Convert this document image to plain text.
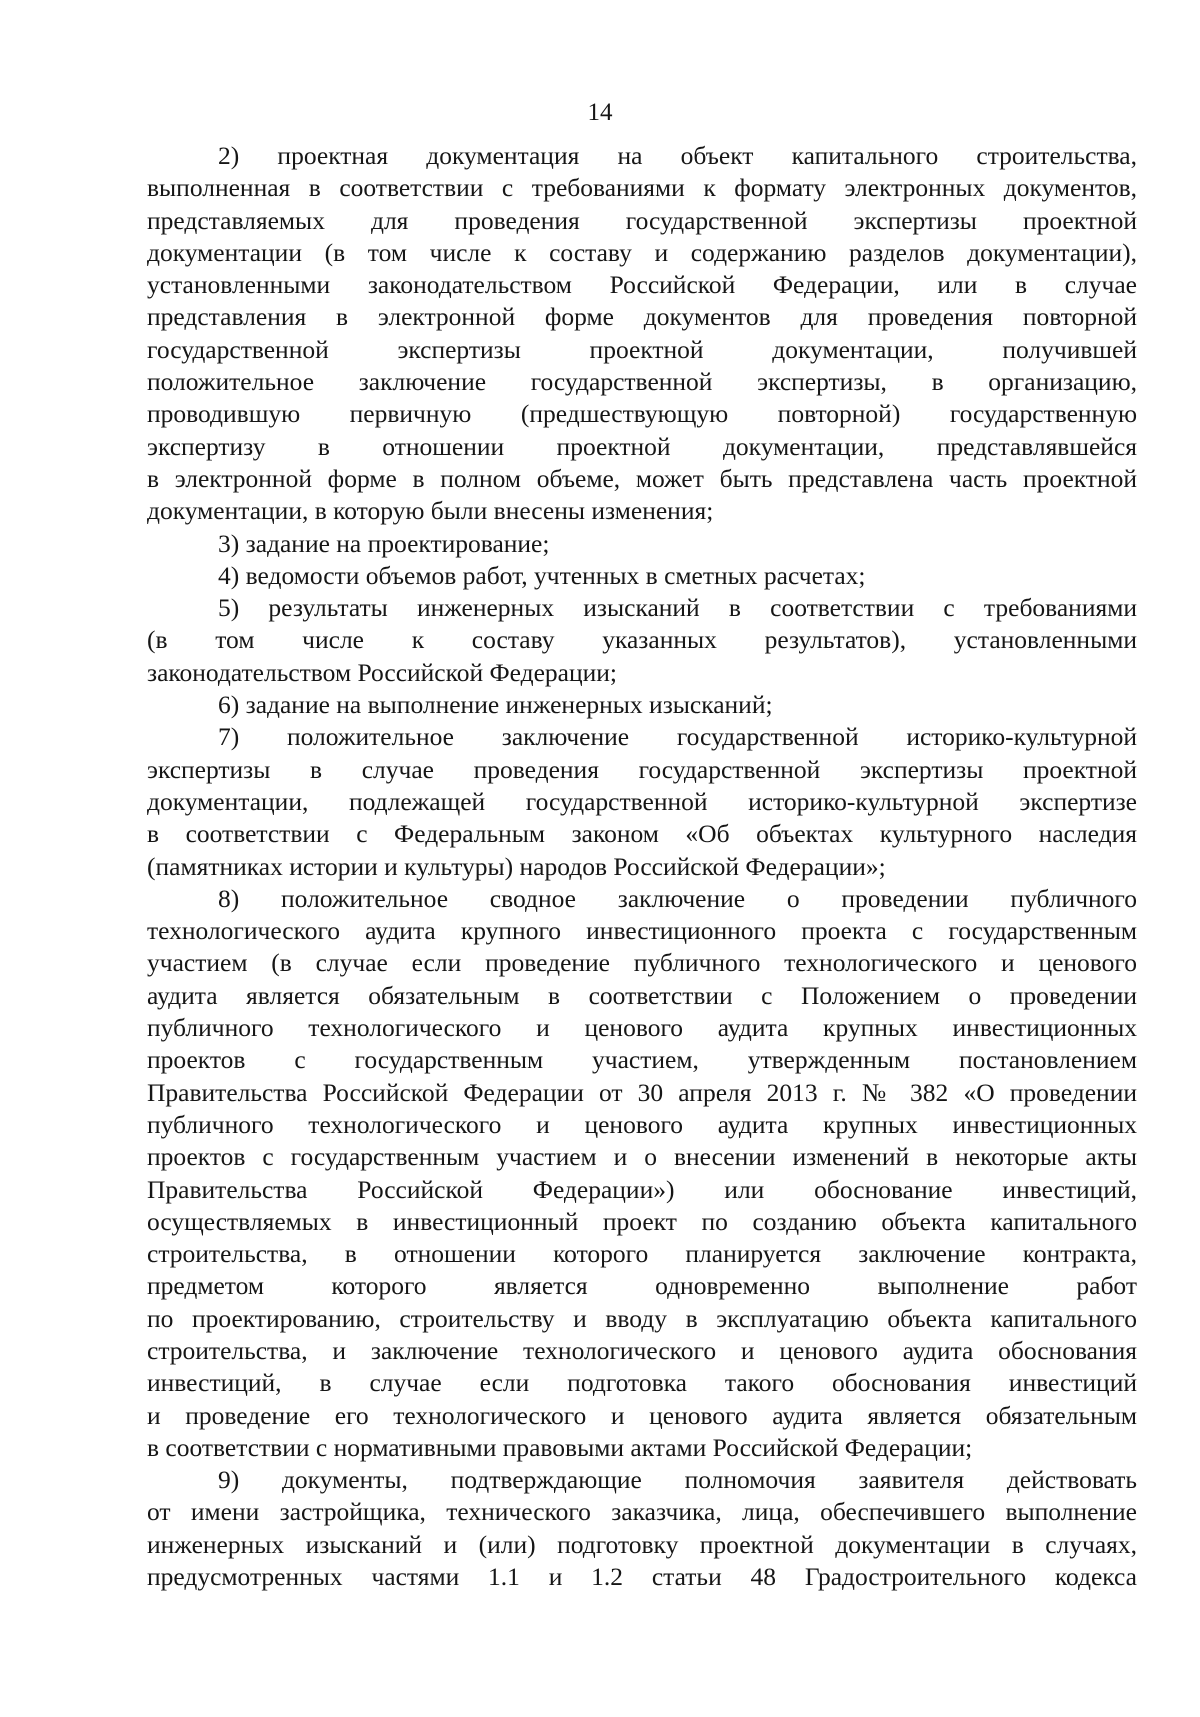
14
2) проектная документация на объект капитального строительства,
выполненная в соответствии с требованиями к формату электронных документов,
представляемых для проведения государственной экспертизы проектной
документации (в том числе к составу и содержанию разделов документации),
установленными законодательством Российской Федерации, или в случае
представления в электронной форме документов для проведения повторной
государственной экспертизы проектной документации, получившей
положительное заключение государственной экспертизы, в организацию,
проводившую первичную (предшествующую повторной) государственную
экспертизу в отношении проектной документации, представлявшейся
в электронной форме в полном объеме, может быть представлена часть проектной
документации, в которую были внесены изменения;
3) задание на проектирование;
4) ведомости объемов работ, учтенных в сметных расчетах;
5) результаты инженерных изысканий в соответствии с требованиями
(в том числе к составу указанных результатов), установленными
законодательством Российской Федерации;
6) задание на выполнение инженерных изысканий;
7) положительное заключение государственной историко-культурной
экспертизы в случае проведения государственной экспертизы проектной
документации, подлежащей государственной историко-культурной экспертизе
в соответствии с Федеральным законом «Об объектах культурного наследия
(памятниках истории и культуры) народов Российской Федерации»;
8) положительное сводное заключение о проведении публичного
технологического аудита крупного инвестиционного проекта с государственным
участием (в случае если проведение публичного технологического и ценового
аудита является обязательным в соответствии с Положением о проведении
публичного технологического и ценового аудита крупных инвестиционных
проектов с государственным участием, утвержденным постановлением
Правительства Российской Федерации от 30 апреля 2013 г. № 382 «О проведении
публичного технологического и ценового аудита крупных инвестиционных
проектов с государственным участием и о внесении изменений в некоторые акты
Правительства Российской Федерации») или обоснование инвестиций,
осуществляемых в инвестиционный проект по созданию объекта капитального
строительства, в отношении которого планируется заключение контракта,
предметом которого является одновременно выполнение работ
по проектированию, строительству и вводу в эксплуатацию объекта капитального
строительства, и заключение технологического и ценового аудита обоснования
инвестиций, в случае если подготовка такого обоснования инвестиций
и проведение его технологического и ценового аудита является обязательным
в соответствии с нормативными правовыми актами Российской Федерации;
9) документы, подтверждающие полномочия заявителя действовать
от имени застройщика, технического заказчика, лица, обеспечившего выполнение
инженерных изысканий и (или) подготовку проектной документации в случаях,
предусмотренных частями 1.1 и 1.2 статьи 48 Градостроительного кодекса
